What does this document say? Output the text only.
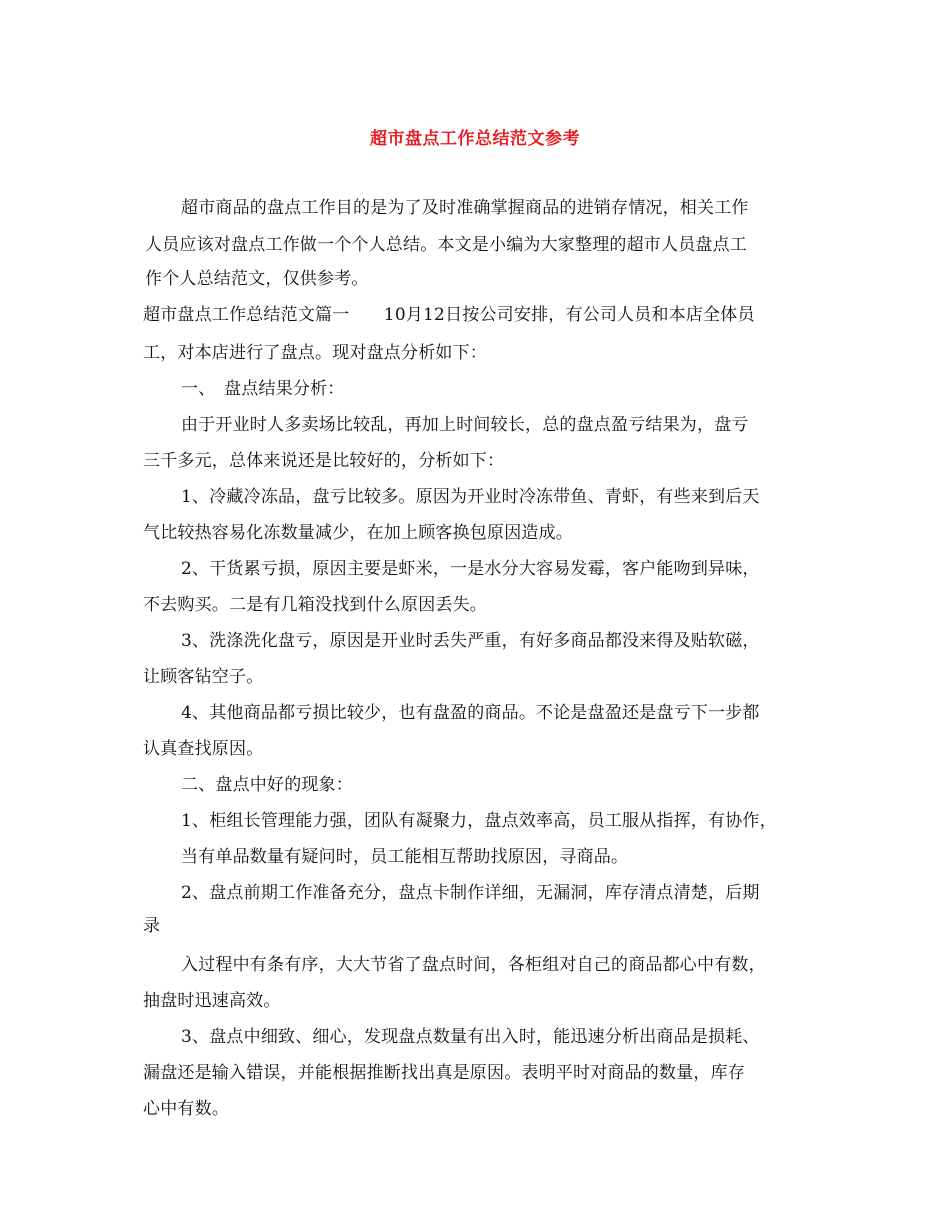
超市盘点工作总结范文参考
超市商品的盘点工作目的是为了及时准确掌握商品的进销存情况，相关工作
人员应该对盘点工作做一个个人总结。本文是小编为大家整理的超市人员盘点工
作个人总结范文，仅供参考。
超市盘点工作总结范文篇一　　10月12日按公司安排，有公司人员和本店全体员
工，对本店进行了盘点。现对盘点分析如下：
一、　盘点结果分析：
由于开业时人多卖场比较乱，再加上时间较长，总的盘点盈亏结果为，盘亏
三千多元，总体来说还是比较好的，分析如下：
1、冷藏冷冻品，盘亏比较多。原因为开业时冷冻带鱼、青虾，有些来到后天
气比较热容易化冻数量减少，在加上顾客换包原因造成。
2、干货累亏损，原因主要是虾米，一是水分大容易发霉，客户能吻到异味，
不去购买。二是有几箱没找到什么原因丢失。
3、洗涤洗化盘亏，原因是开业时丢失严重，有好多商品都没来得及贴软磁，
让顾客钻空子。
4、其他商品都亏损比较少，也有盘盈的商品。不论是盘盈还是盘亏下一步都
认真查找原因。
二、盘点中好的现象：
1、柜组长管理能力强，团队有凝聚力，盘点效率高，员工服从指挥，有协作，
当有单品数量有疑问时，员工能相互帮助找原因，寻商品。
2、盘点前期工作准备充分，盘点卡制作详细，无漏洞，库存清点清楚，后期
录
入过程中有条有序，大大节省了盘点时间，各柜组对自己的商品都心中有数，
抽盘时迅速高效。
3、盘点中细致、细心，发现盘点数量有出入时，能迅速分析出商品是损耗、
漏盘还是输入错误，并能根据推断找出真是原因。表明平时对商品的数量，库存
心中有数。
